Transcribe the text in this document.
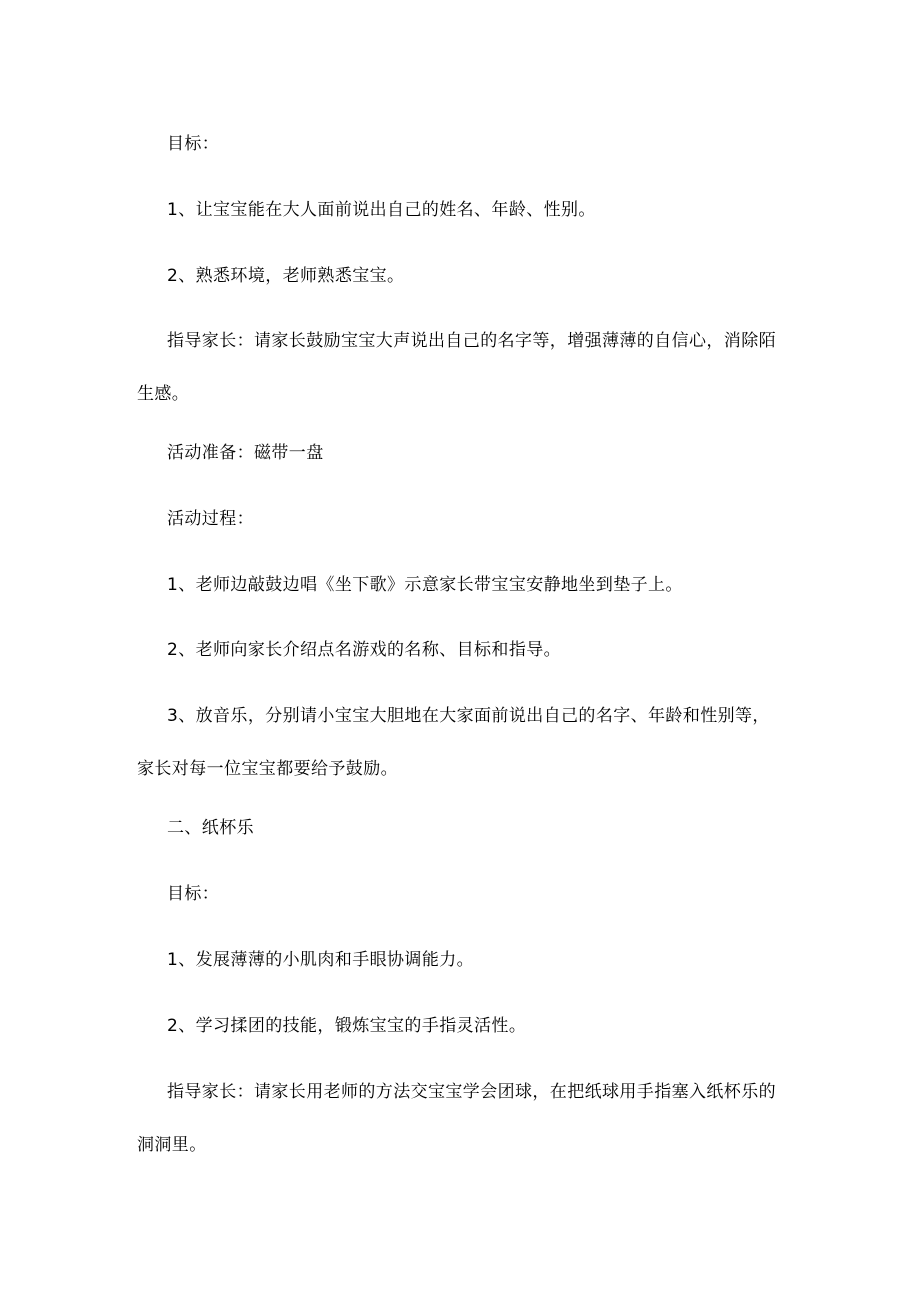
目标：

1、让宝宝能在大人面前说出自己的姓名、年龄、性别。

2、熟悉环境，老师熟悉宝宝。

指导家长：请家长鼓励宝宝大声说出自己的名字等，增强薄薄的自信心，消除陌生感。

活动准备：磁带一盘

活动过程：

1、老师边敲鼓边唱《坐下歌》示意家长带宝宝安静地坐到垫子上。

2、老师向家长介绍点名游戏的名称、目标和指导。

3、放音乐，分别请小宝宝大胆地在大家面前说出自己的名字、年龄和性别等，家长对每一位宝宝都要给予鼓励。

二、纸杯乐

目标：

1、发展薄薄的小肌肉和手眼协调能力。

2、学习揉团的技能，锻炼宝宝的手指灵活性。

指导家长：请家长用老师的方法交宝宝学会团球，在把纸球用手指塞入纸杯乐的洞洞里。
